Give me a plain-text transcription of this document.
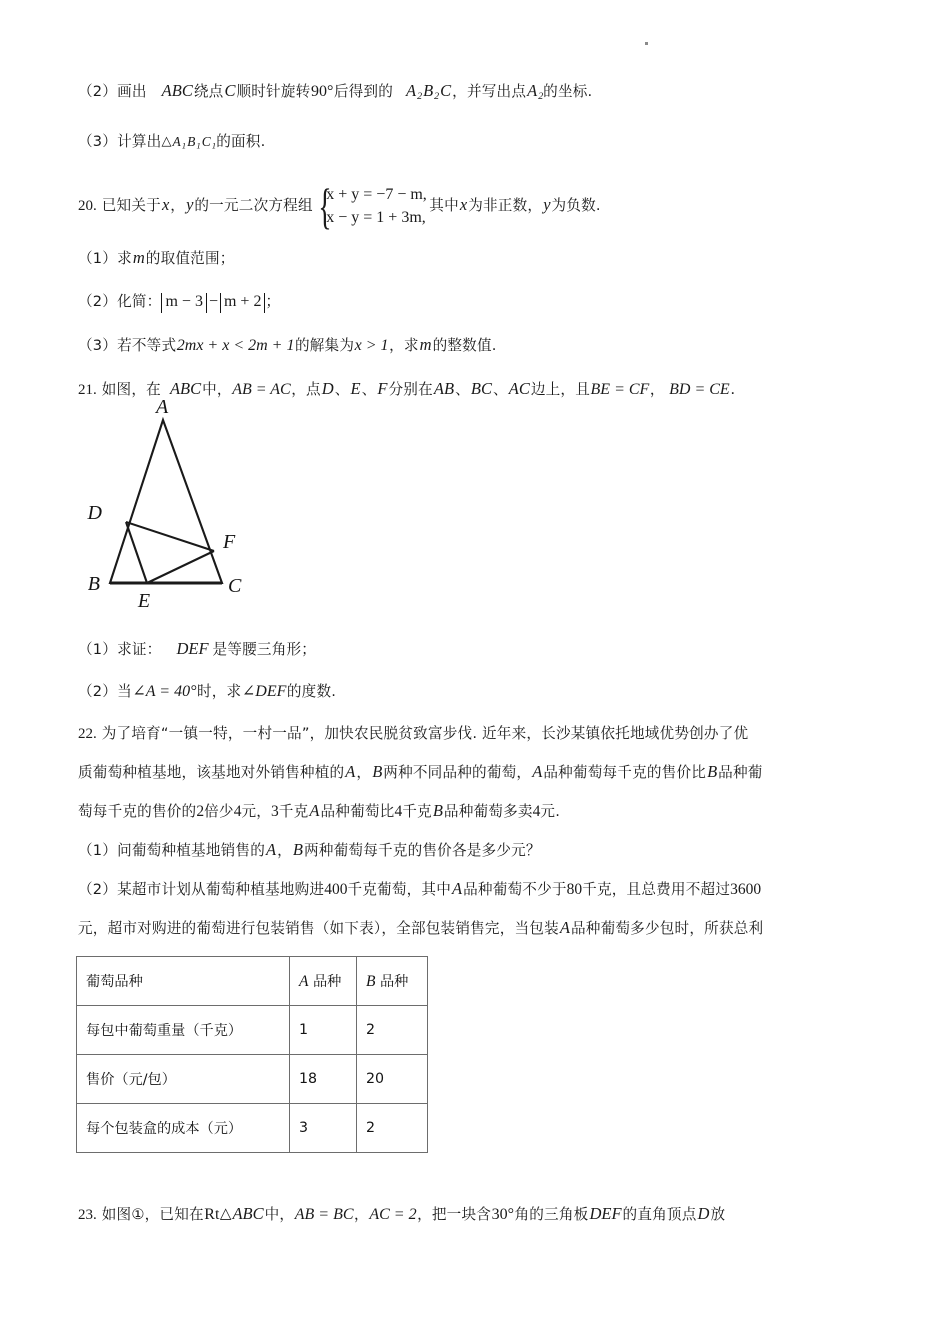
（2）画出 ABC绕点C顺时针旋转90°后得到的 $A_2B_2C$，并写出点$A_2$的坐标.
（3）计算出$\triangle A_1B_1C_1$的面积.
20. 已知关于x，y的一元二次方程组 {
x + y = −7 − m,
x − y = 1 + 3m,
其中x为非正数，y为负数.
（1）求m的取值范围；
（2）化简： m − 3 − m + 2 ；
（3）若不等式2mx + x < 2m + 1的解集为x > 1，求m的整数值.
21. 如图，在 ABC中，AB = AC，点D、E、F分别在AB、BC、AC边上，且BE = CF， BD = CE.
A
D
F
B
E
C
（1）求证： DEF 是等腰三角形；
（2）当∠A = 40°时，求∠DEF的度数.
22. 为了培育“一镇一特，一村一品”，加快农民脱贫致富步伐. 近年来，长沙某镇依托地域优势创办了优
质葡萄种植基地，该基地对外销售种植的A，B两种不同品种的葡萄，A品种葡萄每千克的售价比B品种葡
萄每千克的售价的2倍少4元，3千克A品种葡萄比4千克B品种葡萄多卖4元.
（1）问葡萄种植基地销售的A，B两种葡萄每千克的售价各是多少元？
（2）某超市计划从葡萄种植基地购进400千克葡萄，其中A品种葡萄不少于80千克，且总费用不超过3600
元，超市对购进的葡萄进行包装销售（如下表），全部包装销售完，当包装A品种葡萄多少包时，所获总利
葡萄品种	A 品种	B 品种
每包中葡萄重量（千克）	1	2
售价（元/包）	18	20
每个包装盒的成本（元）	3	2
23. 如图①，已知在Rt△ABC中，AB = BC，AC = 2，把一块含30°角的三角板DEF的直角顶点D放
